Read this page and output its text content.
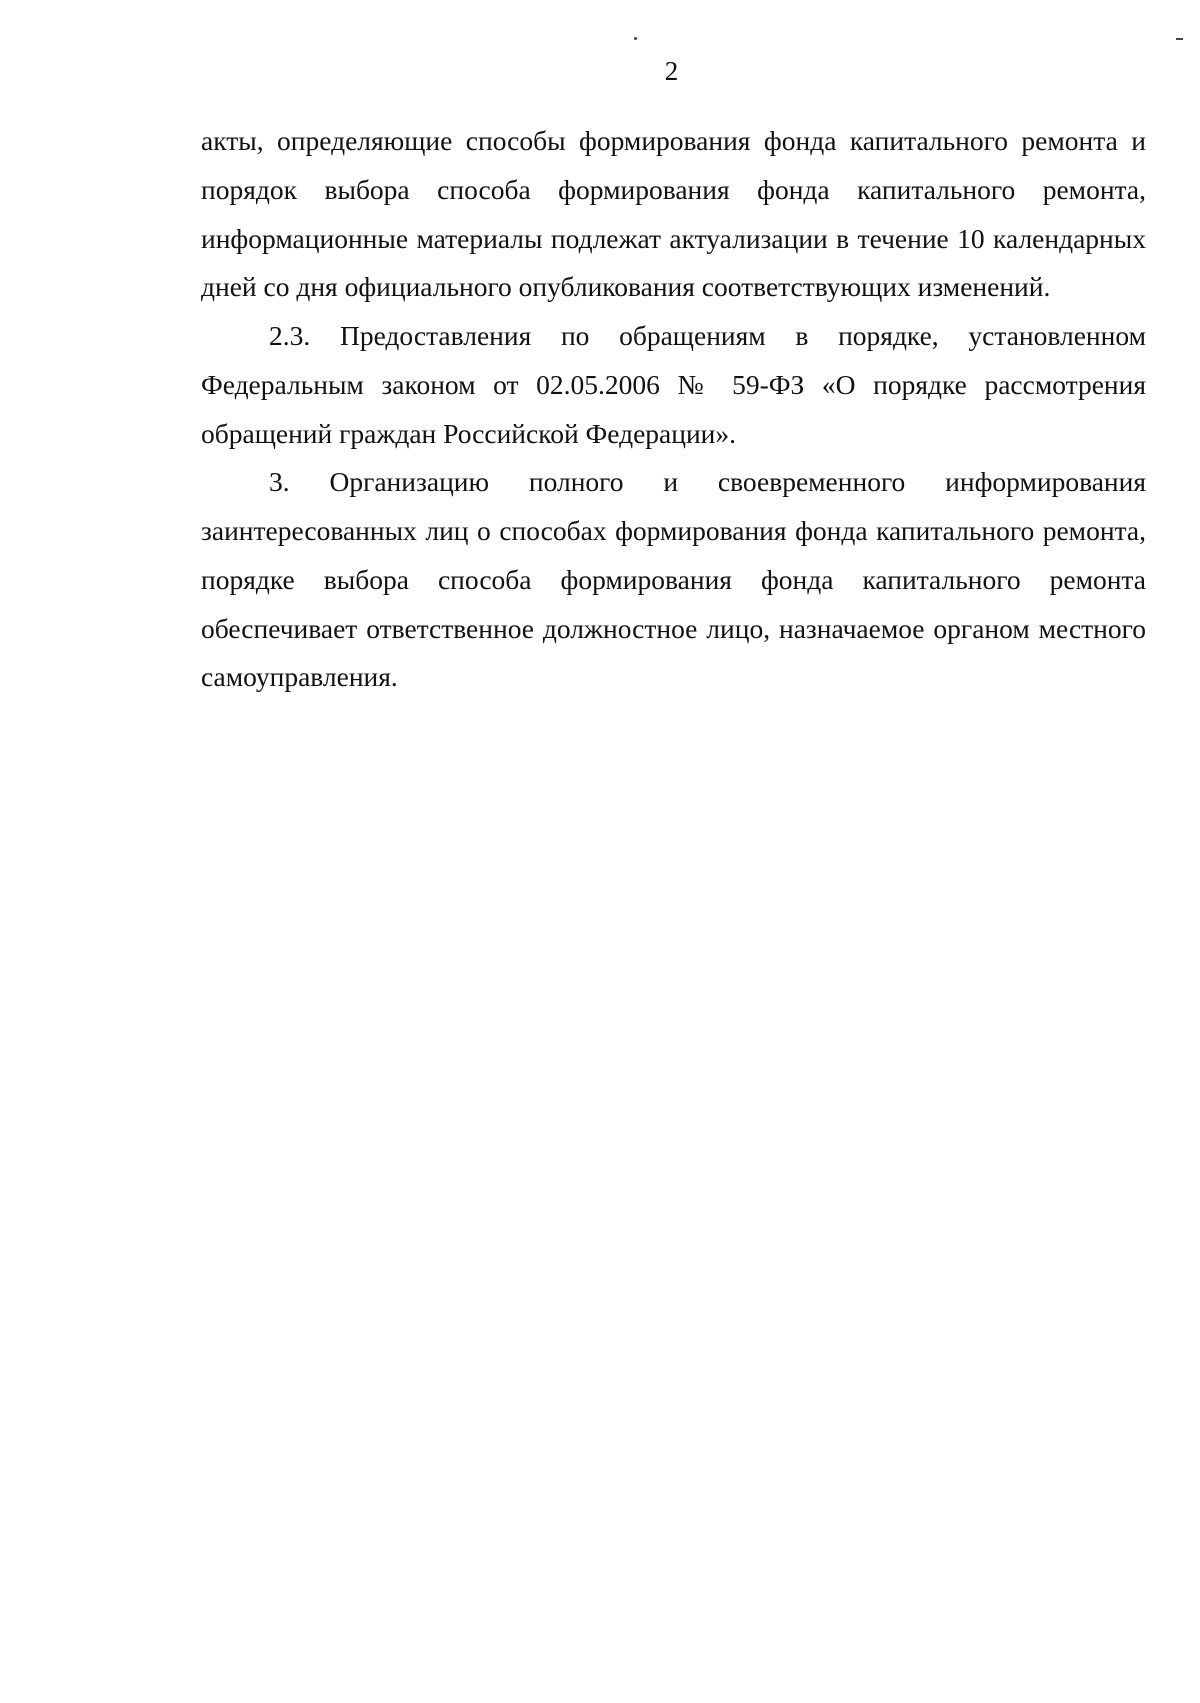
2

акты, определяющие способы формирования фонда капитального ремонта и порядок выбора способа формирования фонда капитального ремонта, информационные материалы подлежат актуализации в течение 10 календарных дней со дня официального опубликования соответствующих изменений.

2.3. Предоставления по обращениям в порядке, установленном Федеральным законом от 02.05.2006 № 59-ФЗ «О порядке рассмотрения обращений граждан Российской Федерации».

3. Организацию полного и своевременного информирования заинтересованных лиц о способах формирования фонда капитального ремонта, порядке выбора способа формирования фонда капитального ремонта обеспечивает ответственное должностное лицо, назначаемое органом местного самоуправления.
